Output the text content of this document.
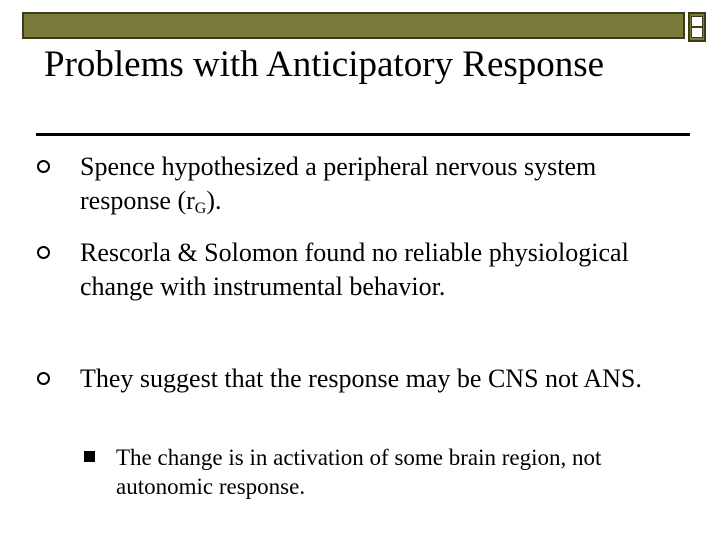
Problems with Anticipatory Response
Spence hypothesized a peripheral nervous system response $(r_G)$.
Rescorla & Solomon found no reliable physiological change with instrumental behavior.
They suggest that the response may be CNS not ANS.
The change is in activation of some brain region, not autonomic response.
